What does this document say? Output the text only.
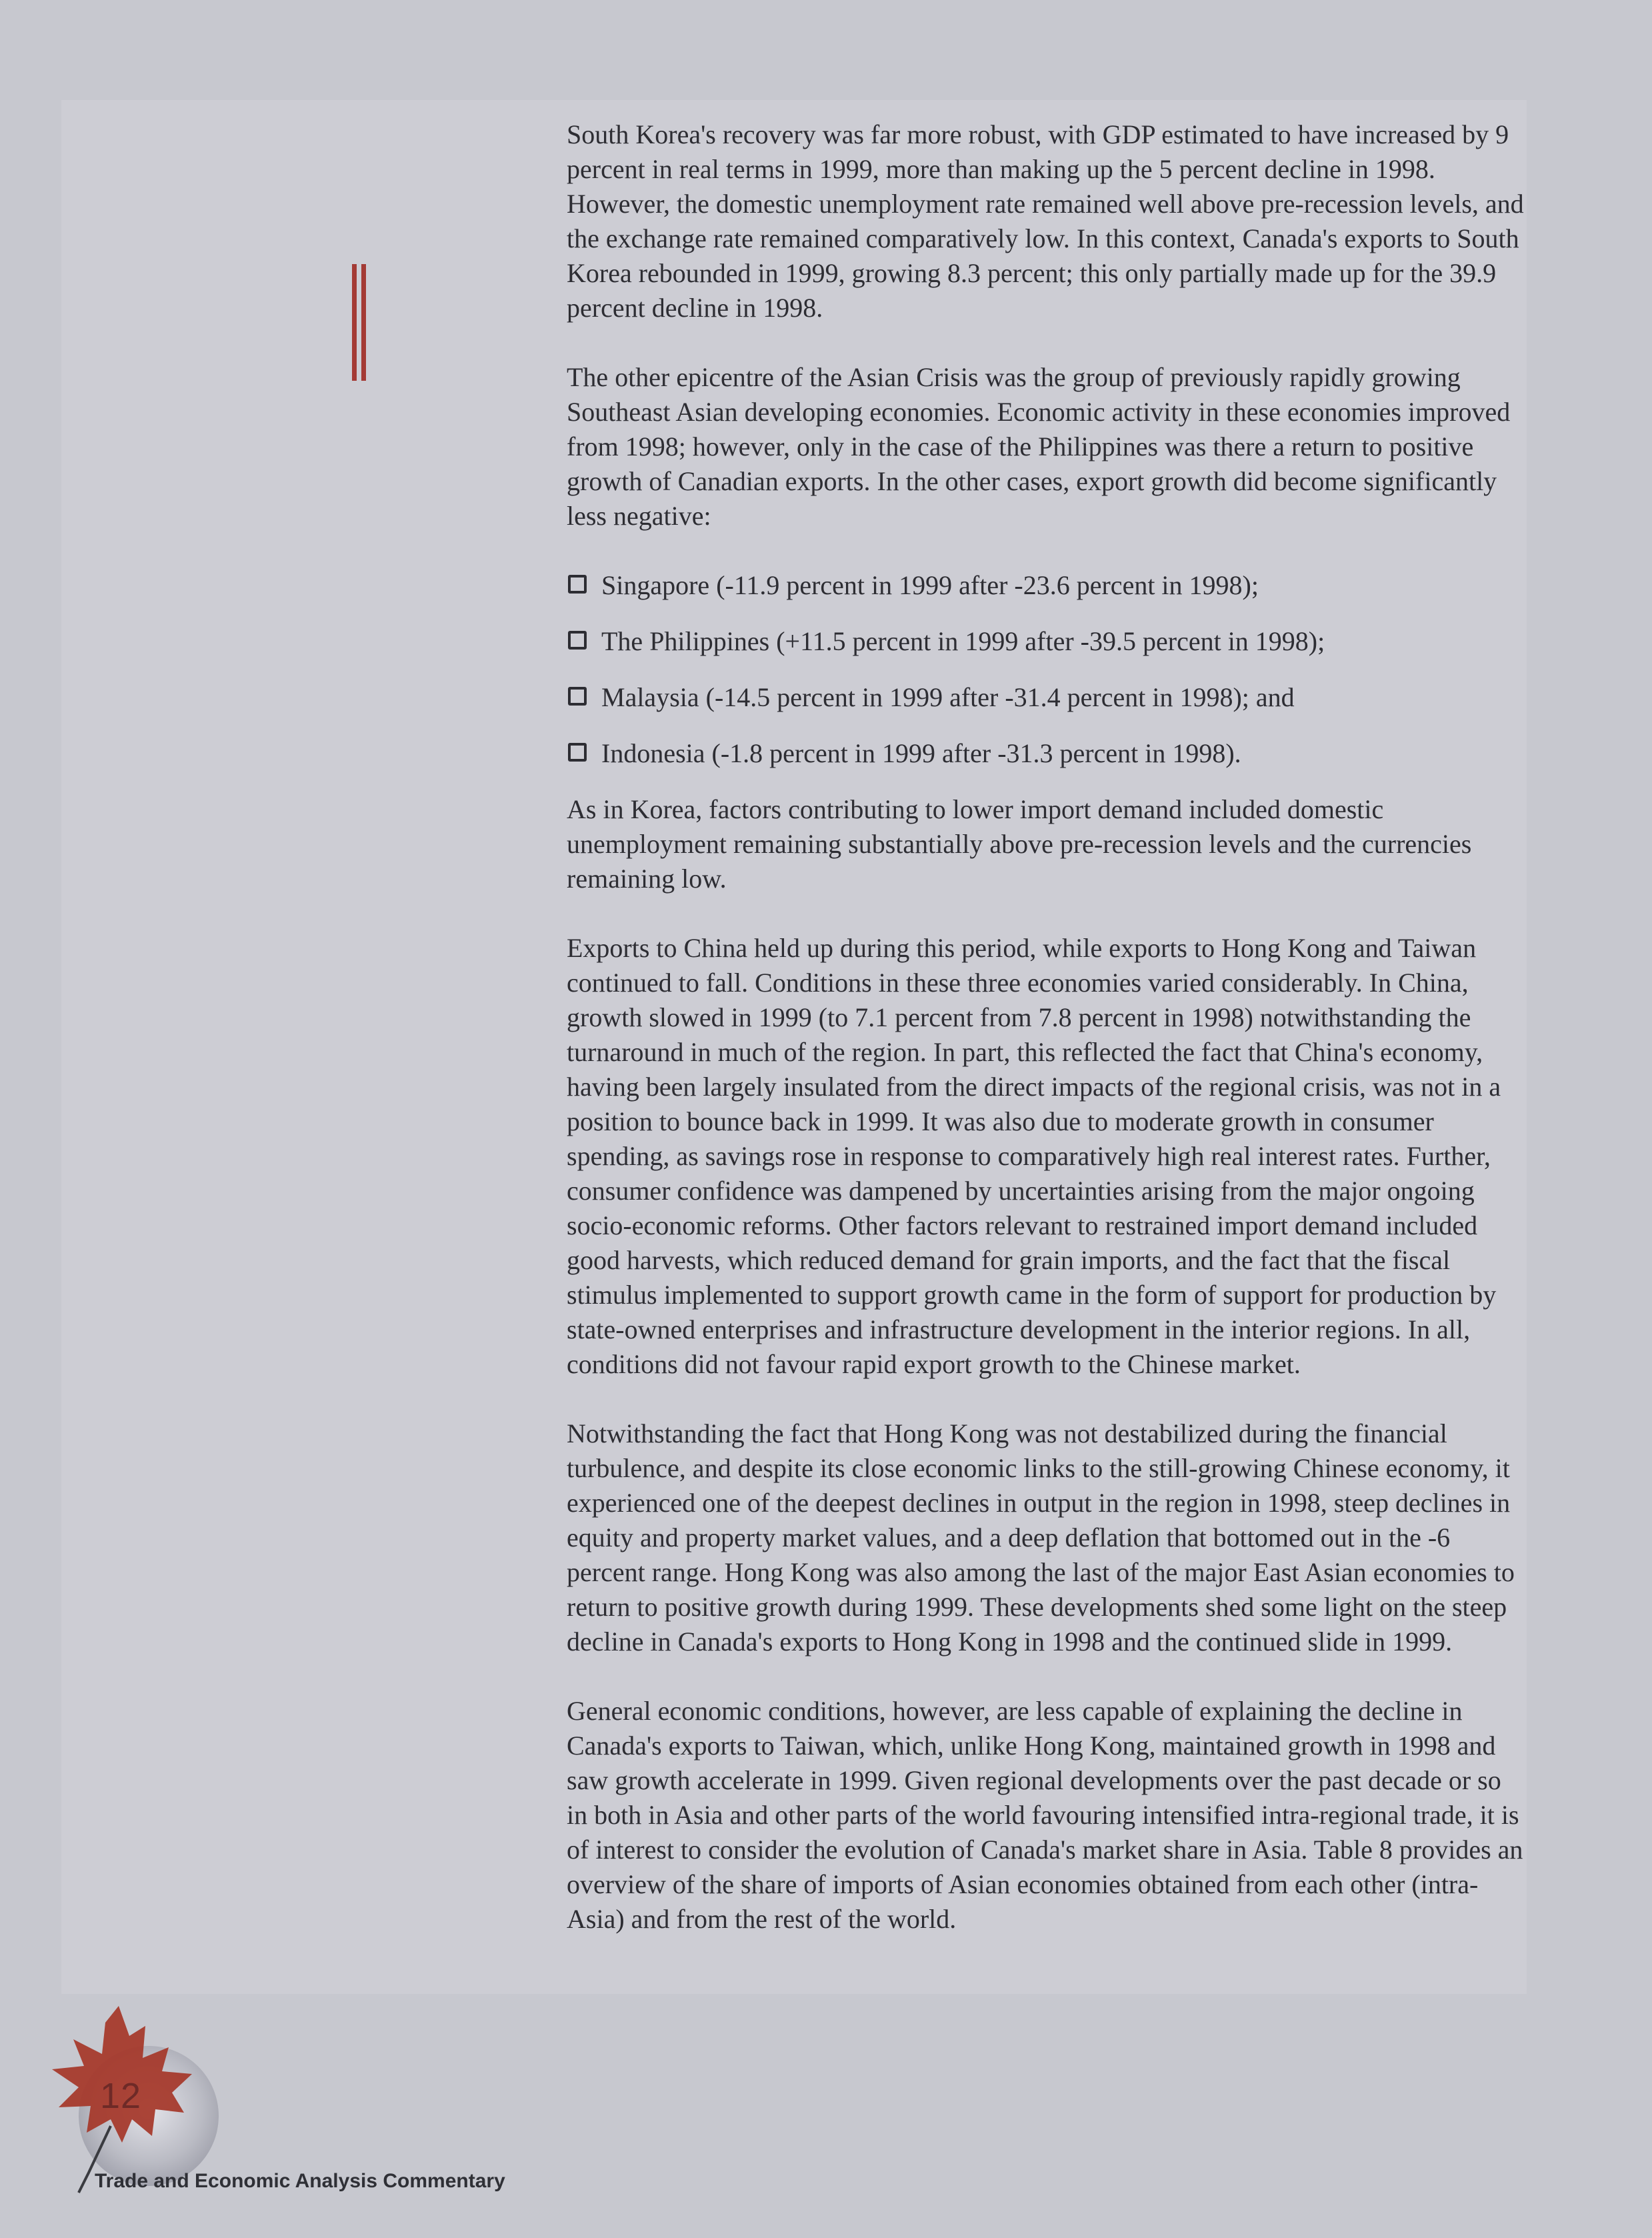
South Korea's recovery was far more robust, with GDP estimated to have increased by 9 percent in real terms in 1999, more than making up the 5 percent decline in 1998. However, the domestic unemployment rate remained well above pre-recession levels, and the exchange rate remained comparatively low. In this context, Canada's exports to South Korea rebounded in 1999, growing 8.3 percent; this only partially made up for the 39.9 percent decline in 1998.

The other epicentre of the Asian Crisis was the group of previously rapidly growing Southeast Asian developing economies. Economic activity in these economies improved from 1998; however, only in the case of the Philippines was there a return to positive growth of Canadian exports. In the other cases, export growth did become significantly less negative:

Singapore (-11.9 percent in 1999 after -23.6 percent in 1998);
The Philippines (+11.5 percent in 1999 after -39.5 percent in 1998);
Malaysia (-14.5 percent in 1999 after -31.4 percent in 1998); and
Indonesia (-1.8 percent in 1999 after -31.3 percent in 1998).

As in Korea, factors contributing to lower import demand included domestic unemployment remaining substantially above pre-recession levels and the currencies remaining low.

Exports to China held up during this period, while exports to Hong Kong and Taiwan continued to fall. Conditions in these three economies varied considerably. In China, growth slowed in 1999 (to 7.1 percent from 7.8 percent in 1998) notwithstanding the turnaround in much of the region. In part, this reflected the fact that China's economy, having been largely insulated from the direct impacts of the regional crisis, was not in a position to bounce back in 1999. It was also due to moderate growth in consumer spending, as savings rose in response to comparatively high real interest rates. Further, consumer confidence was dampened by uncertainties arising from the major ongoing socio-economic reforms. Other factors relevant to restrained import demand included good harvests, which reduced demand for grain imports, and the fact that the fiscal stimulus implemented to support growth came in the form of support for production by state-owned enterprises and infrastructure development in the interior regions. In all, conditions did not favour rapid export growth to the Chinese market.

Notwithstanding the fact that Hong Kong was not destabilized during the financial turbulence, and despite its close economic links to the still-growing Chinese economy, it experienced one of the deepest declines in output in the region in 1998, steep declines in equity and property market values, and a deep deflation that bottomed out in the -6 percent range. Hong Kong was also among the last of the major East Asian economies to return to positive growth during 1999. These developments shed some light on the steep decline in Canada's exports to Hong Kong in 1998 and the continued slide in 1999.

General economic conditions, however, are less capable of explaining the decline in Canada's exports to Taiwan, which, unlike Hong Kong, maintained growth in 1998 and saw growth accelerate in 1999. Given regional developments over the past decade or so in both in Asia and other parts of the world favouring intensified intra-regional trade, it is of interest to consider the evolution of Canada's market share in Asia. Table 8 provides an overview of the share of imports of Asian economies obtained from each other (intra-Asia) and from the rest of the world.

12
Trade and Economic Analysis Commentary
